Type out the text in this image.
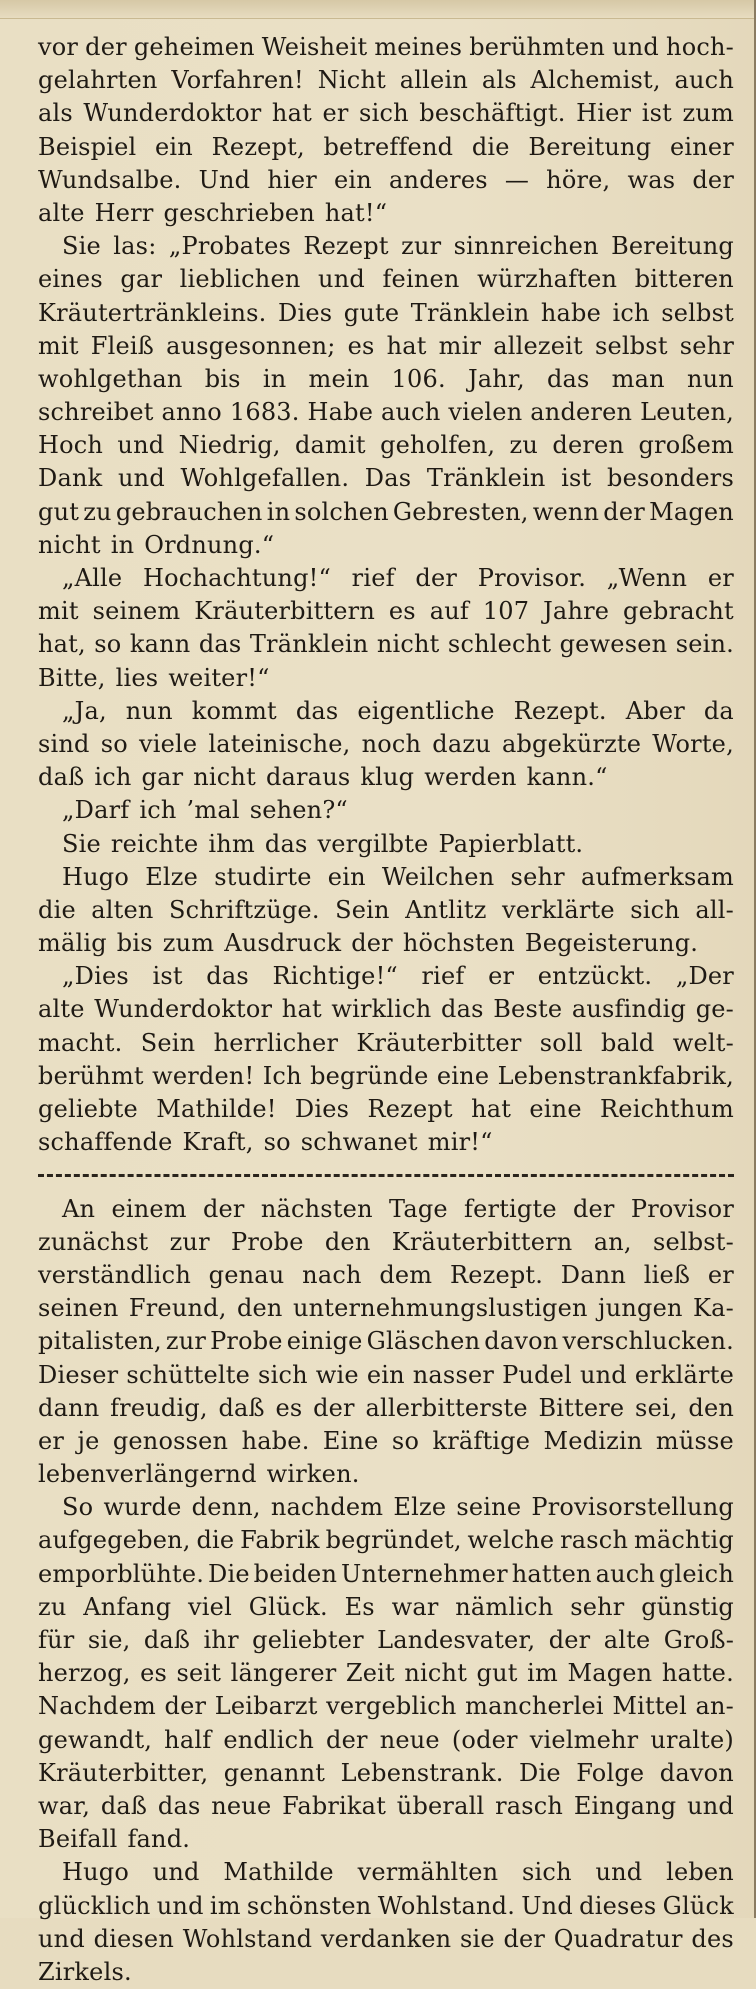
vor der geheimen Weisheit meines berühmten und hoch-
gelahrten Vorfahren! Nicht allein als Alchemist, auch
als Wunderdoktor hat er sich beschäftigt. Hier ist zum
Beispiel ein Rezept, betreffend die Bereitung einer
Wundsalbe. Und hier ein anderes — höre, was der
alte Herr geschrieben hat!“
Sie las: „Probates Rezept zur sinnreichen Bereitung
eines gar lieblichen und feinen würzhaften bitteren
Kräutertränkleins. Dies gute Tränklein habe ich selbst
mit Fleiß ausgesonnen; es hat mir allezeit selbst sehr
wohlgethan bis in mein 106. Jahr, das man nun
schreibet anno 1683. Habe auch vielen anderen Leuten,
Hoch und Niedrig, damit geholfen, zu deren großem
Dank und Wohlgefallen. Das Tränklein ist besonders
gut zu gebrauchen in solchen Gebresten, wenn der Magen
nicht in Ordnung.“
„Alle Hochachtung!“ rief der Provisor. „Wenn er
mit seinem Kräuterbittern es auf 107 Jahre gebracht
hat, so kann das Tränklein nicht schlecht gewesen sein.
Bitte, lies weiter!“
„Ja, nun kommt das eigentliche Rezept. Aber da
sind so viele lateinische, noch dazu abgekürzte Worte,
daß ich gar nicht daraus klug werden kann.“
„Darf ich ’mal sehen?“
Sie reichte ihm das vergilbte Papierblatt.
Hugo Elze studirte ein Weilchen sehr aufmerksam
die alten Schriftzüge. Sein Antlitz verklärte sich all-
mälig bis zum Ausdruck der höchsten Begeisterung.
„Dies ist das Richtige!“ rief er entzückt. „Der
alte Wunderdoktor hat wirklich das Beste ausfindig ge-
macht. Sein herrlicher Kräuterbitter soll bald welt-
berühmt werden! Ich begründe eine Lebenstrankfabrik,
geliebte Mathilde! Dies Rezept hat eine Reichthum
schaffende Kraft, so schwanet mir!“
An einem der nächsten Tage fertigte der Provisor
zunächst zur Probe den Kräuterbittern an, selbst-
verständlich genau nach dem Rezept. Dann ließ er
seinen Freund, den unternehmungslustigen jungen Ka-
pitalisten, zur Probe einige Gläschen davon verschlucken.
Dieser schüttelte sich wie ein nasser Pudel und erklärte
dann freudig, daß es der allerbitterste Bittere sei, den
er je genossen habe. Eine so kräftige Medizin müsse
lebenverlängernd wirken.
So wurde denn, nachdem Elze seine Provisorstellung
aufgegeben, die Fabrik begründet, welche rasch mächtig
emporblühte. Die beiden Unternehmer hatten auch gleich
zu Anfang viel Glück. Es war nämlich sehr günstig
für sie, daß ihr geliebter Landesvater, der alte Groß-
herzog, es seit längerer Zeit nicht gut im Magen hatte.
Nachdem der Leibarzt vergeblich mancherlei Mittel an-
gewandt, half endlich der neue (oder vielmehr uralte)
Kräuterbitter, genannt Lebenstrank. Die Folge davon
war, daß das neue Fabrikat überall rasch Eingang und
Beifall fand.
Hugo und Mathilde vermählten sich und leben
glücklich und im schönsten Wohlstand. Und dieses Glück
und diesen Wohlstand verdanken sie der Quadratur des
Zirkels.
